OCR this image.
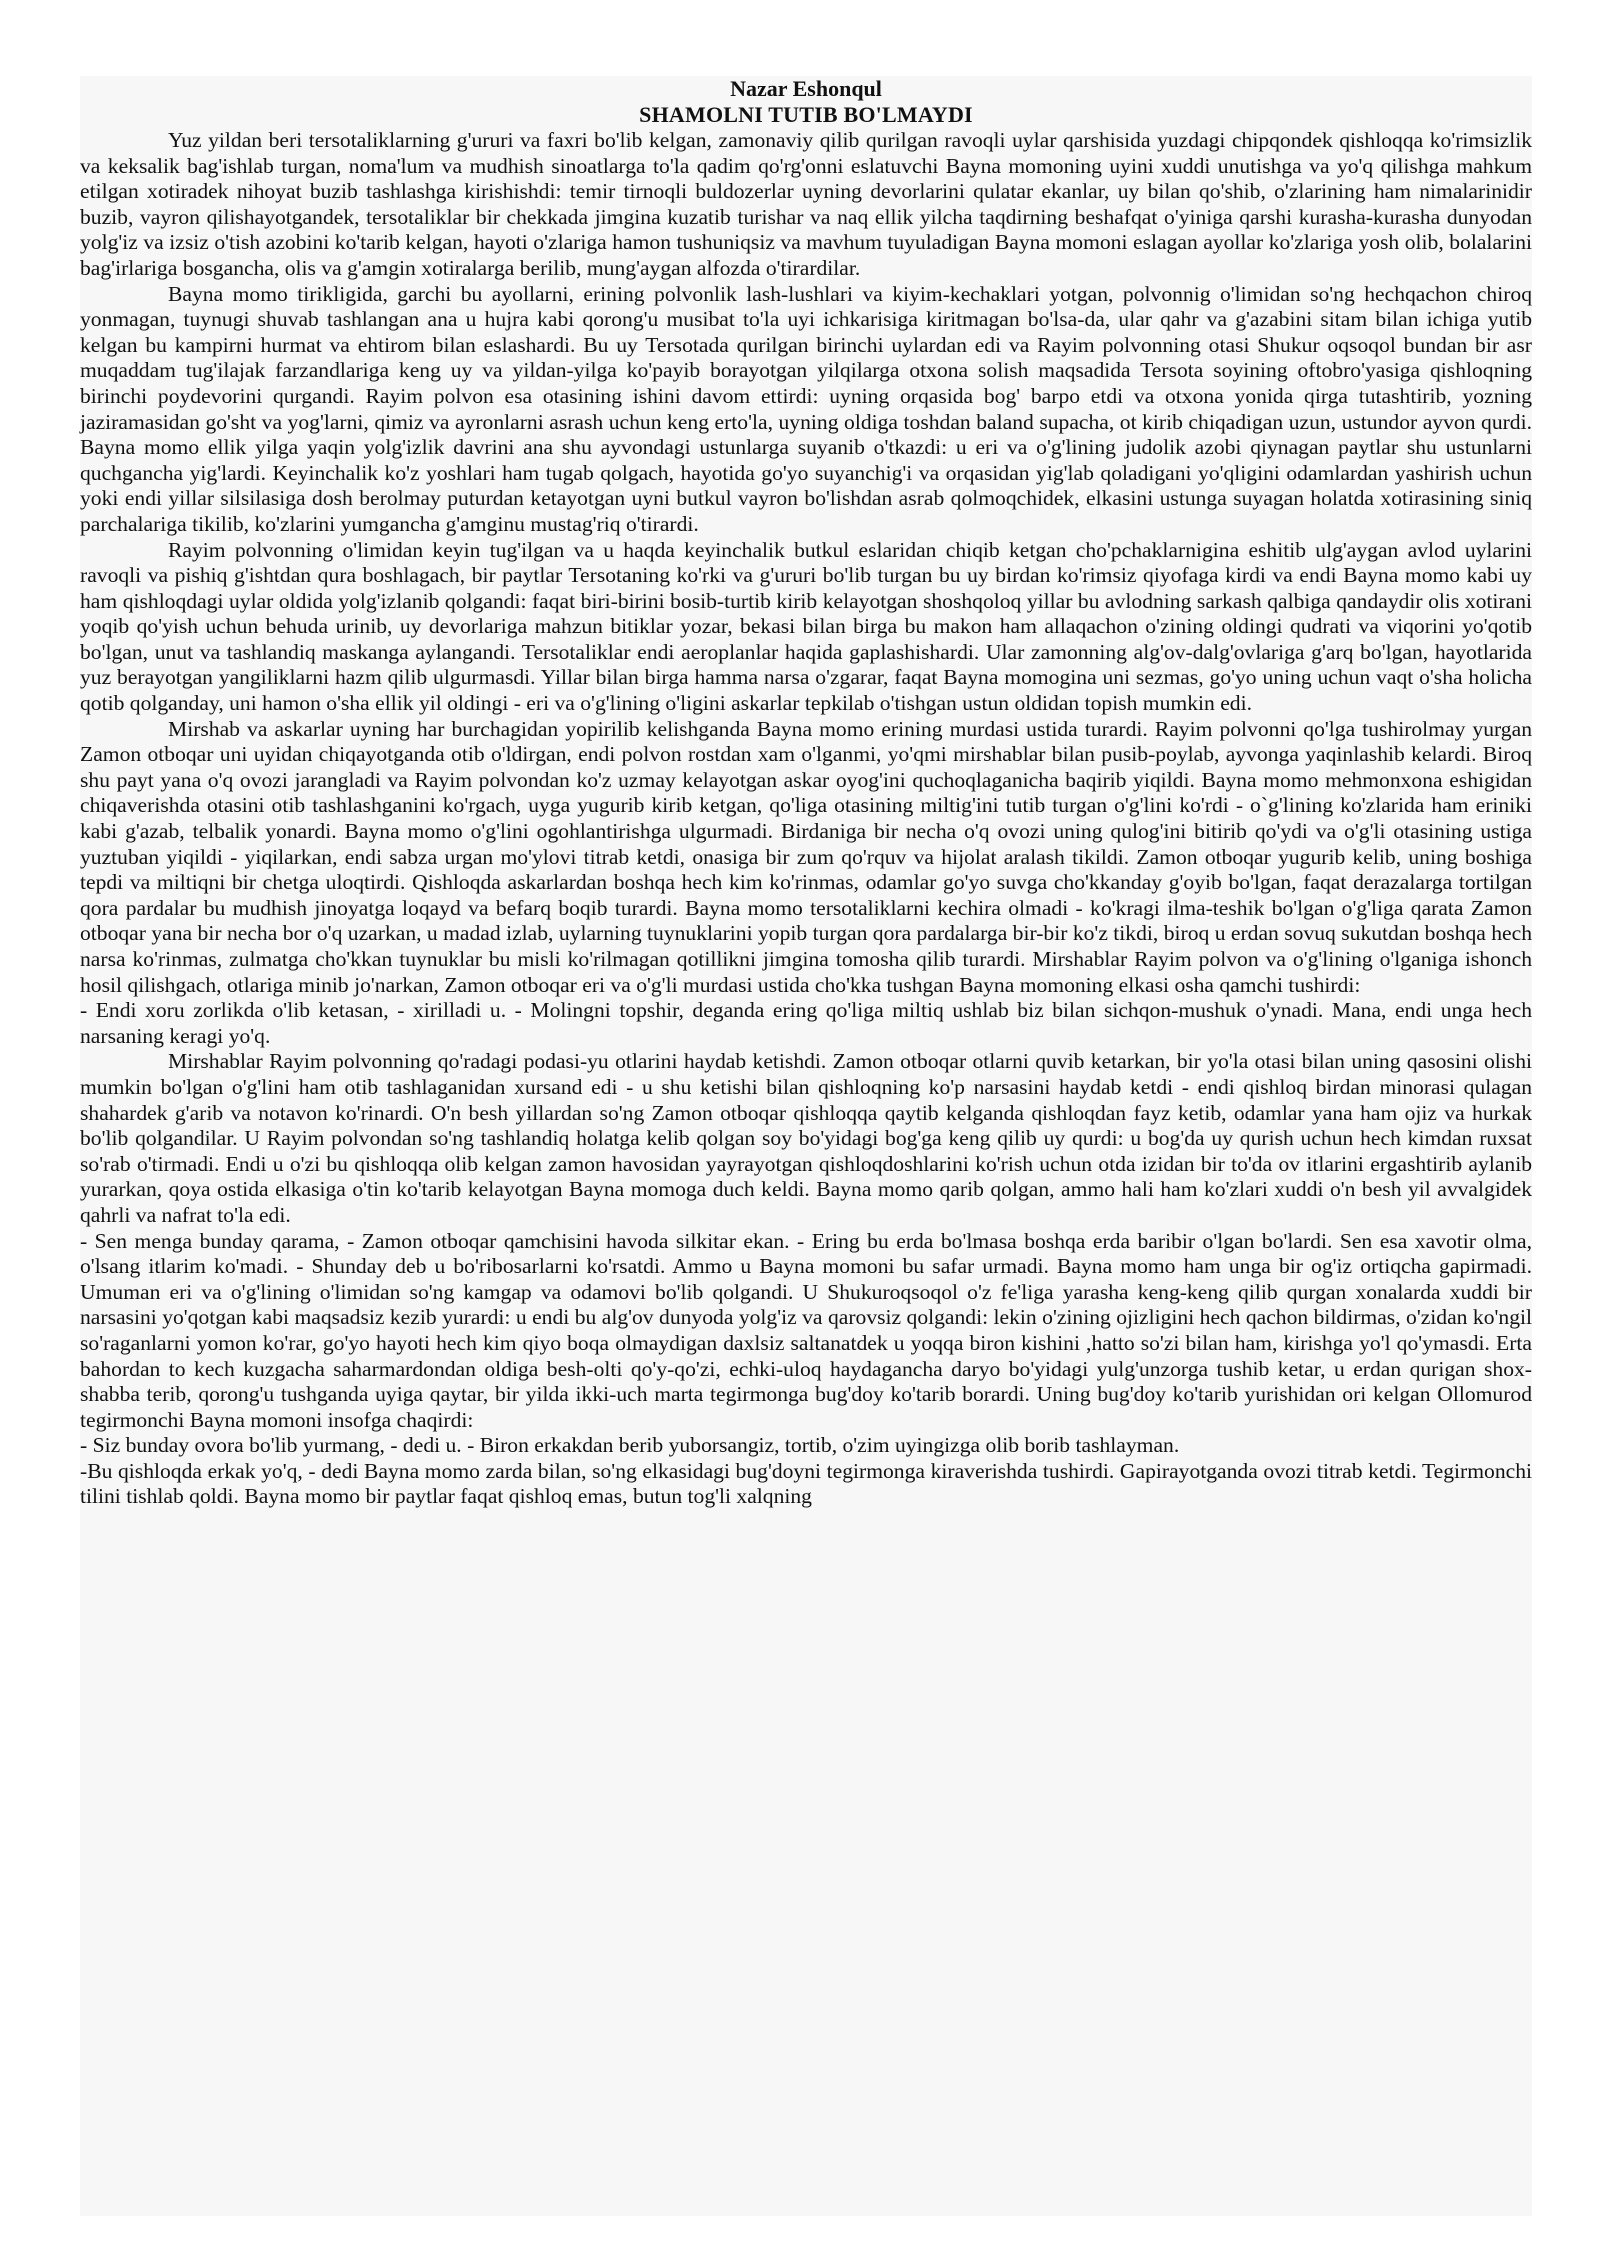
Nazar Eshonqul

SHAMOLNI TUTIB BO'LMAYDI

Yuz yildan beri tersotaliklarning g'ururi va faxri bo'lib kelgan, zamonaviy qilib qurilgan ravoqli uylar qarshisida yuzdagi chipqondek qishloqqa ko'rimsizlik va keksalik bag'ishlab turgan, noma'lum va mudhish sinoatlarga to'la qadim qo'rg'onni eslatuvchi Bayna momoning uyini xuddi unutishga va yo'q qilishga mahkum etilgan xotiradek nihoyat buzib tashlashga kirishishdi: temir tirnoqli buldozerlar uyning devorlarini qulatar ekanlar, uy bilan qo'shib, o'zlarining ham nimalarinidir buzib, vayron qilishayotgandek, tersotaliklar bir chekkada jimgina kuzatib turishar va naq ellik yilcha taqdirning beshafqat o'yiniga qarshi kurasha-kurasha dunyodan yolg'iz va izsiz o'tish azobini ko'tarib kelgan, hayoti o'zlariga hamon tushuniqsiz va mavhum tuyuladigan Bayna momoni eslagan ayollar ko'zlariga yosh olib, bolalarini bag'irlariga bosgancha, olis va g'amgin xotiralarga berilib, mung'aygan alfozda o'tirardilar.

Bayna momo tirikligida, garchi bu ayollarni, erining polvonlik lash-lushlari va kiyim-kechaklari yotgan, polvonnig o'limidan so'ng hechqachon chiroq yonmagan, tuynugi shuvab tashlangan ana u hujra kabi qorong'u musibat to'la uyi ichkarisiga kiritmagan bo'lsa-da, ular qahr va g'azabini sitam bilan ichiga yutib kelgan bu kampirni hurmat va ehtirom bilan eslashardi. Bu uy Tersotada qurilgan birinchi uylardan edi va Rayim polvonning otasi Shukur oqsoqol bundan bir asr muqaddam tug'ilajak farzandlariga keng uy va yildan-yilga ko'payib borayotgan yilqilarga otxona solish maqsadida Tersota soyining oftobro'yasiga qishloqning birinchi poydevorini qurgandi. Rayim polvon esa otasining ishini davom ettirdi: uyning orqasida bog' barpo etdi va otxona yonida qirga tutashtirib, yozning jaziramasidan go'sht va yog'larni, qimiz va ayronlarni asrash uchun keng erto'la, uyning oldiga toshdan baland supacha, ot kirib chiqadigan uzun, ustundor ayvon qurdi. Bayna momo ellik yilga yaqin yolg'izlik davrini ana shu ayvondagi ustunlarga suyanib o'tkazdi: u eri va o'g'lining judolik azobi qiynagan paytlar shu ustunlarni quchgancha yig'lardi. Keyinchalik ko'z yoshlari ham tugab qolgach, hayotida go'yo suyanchig'i va orqasidan yig'lab qoladigani yo'qligini odamlardan yashirish uchun yoki endi yillar silsilasiga dosh berolmay puturdan ketayotgan uyni butkul vayron bo'lishdan asrab qolmoqchidek, elkasini ustunga suyagan holatda xotirasining siniq parchalariga tikilib, ko'zlarini yumgancha g'amginu mustag'riq o'tirardi.

Rayim polvonning o'limidan keyin tug'ilgan va u haqda keyinchalik butkul eslaridan chiqib ketgan cho'pchaklarnigina eshitib ulg'aygan avlod uylarini ravoqli va pishiq g'ishtdan qura boshlagach, bir paytlar Tersotaning ko'rki va g'ururi bo'lib turgan bu uy birdan ko'rimsiz qiyofaga kirdi va endi Bayna momo kabi uy ham qishloqdagi uylar oldida yolg'izlanib qolgandi: faqat biri-birini bosib-turtib kirib kelayotgan shoshqoloq yillar bu avlodning sarkash qalbiga qandaydir olis xotirani yoqib qo'yish uchun behuda urinib, uy devorlariga mahzun bitiklar yozar, bekasi bilan birga bu makon ham allaqachon o'zining oldingi qudrati va viqorini yo'qotib bo'lgan, unut va tashlandiq maskanga aylangandi. Tersotaliklar endi aeroplanlar haqida gaplashishardi. Ular zamonning alg'ov-dalg'ovlariga g'arq bo'lgan, hayotlarida yuz berayotgan yangiliklarni hazm qilib ulgurmasdi. Yillar bilan birga hamma narsa o'zgarar, faqat Bayna momogina uni sezmas, go'yo uning uchun vaqt o'sha holicha qotib qolganday, uni hamon o'sha ellik yil oldingi - eri va o'g'lining o'ligini askarlar tepkilab o'tishgan ustun oldidan topish mumkin edi.

Mirshab va askarlar uyning har burchagidan yopirilib kelishganda Bayna momo erining murdasi ustida turardi. Rayim polvonni qo'lga tushirolmay yurgan Zamon otboqar uni uyidan chiqayotganda otib o'ldirgan, endi polvon rostdan xam o'lganmi, yo'qmi mirshablar bilan pusib-poylab, ayvonga yaqinlashib kelardi. Biroq shu payt yana o'q ovozi jarangladi va Rayim polvondan ko'z uzmay kelayotgan askar oyog'ini quchoqlaganicha baqirib yiqildi. Bayna momo mehmonxona eshigidan chiqaverishda otasini otib tashlashganini ko'rgach, uyga yugurib kirib ketgan, qo'liga otasining miltig'ini tutib turgan o'g'lini ko'rdi - o`g'lining ko'zlarida ham eriniki kabi g'azab, telbalik yonardi. Bayna momo o'g'lini ogohlantirishga ulgurmadi. Birdaniga bir necha o'q ovozi uning qulog'ini bitirib qo'ydi va o'g'li otasining ustiga yuztuban yiqildi - yiqilarkan, endi sabza urgan mo'ylovi titrab ketdi, onasiga bir zum qo'rquv va hijolat aralash tikildi. Zamon otboqar yugurib kelib, uning boshiga tepdi va miltiqni bir chetga uloqtirdi. Qishloqda askarlardan boshqa hech kim ko'rinmas, odamlar go'yo suvga cho'kkanday g'oyib bo'lgan, faqat derazalarga tortilgan qora pardalar bu mudhish jinoyatga loqayd va befarq boqib turardi. Bayna momo tersotaliklarni kechira olmadi - ko'kragi ilma-teshik bo'lgan o'g'liga qarata Zamon otboqar yana bir necha bor o'q uzarkan, u madad izlab, uylarning tuynuklarini yopib turgan qora pardalarga bir-bir ko'z tikdi, biroq u erdan sovuq sukutdan boshqa hech narsa ko'rinmas, zulmatga cho'kkan tuynuklar bu misli ko'rilmagan qotillikni jimgina tomosha qilib turardi. Mirshablar Rayim polvon va o'g'lining o'lganiga ishonch hosil qilishgach, otlariga minib jo'narkan, Zamon otboqar eri va o'g'li murdasi ustida cho'kka tushgan Bayna momoning elkasi osha qamchi tushirdi:

- Endi xoru zorlikda o'lib ketasan, - xirilladi u. - Molingni topshir, deganda ering qo'liga miltiq ushlab biz bilan sichqon-mushuk o'ynadi. Mana, endi unga hech narsaning keragi yo'q.

Mirshablar Rayim polvonning qo'radagi podasi-yu otlarini haydab ketishdi. Zamon otboqar otlarni quvib ketarkan, bir yo'la otasi bilan uning qasosini olishi mumkin bo'lgan o'g'lini ham otib tashlaganidan xursand edi - u shu ketishi bilan qishloqning ko'p narsasini haydab ketdi - endi qishloq birdan minorasi qulagan shahardek g'arib va notavon ko'rinardi. O'n besh yillardan so'ng Zamon otboqar qishloqqa qaytib kelganda qishloqdan fayz ketib, odamlar yana ham ojiz va hurkak bo'lib qolgandilar. U Rayim polvondan so'ng tashlandiq holatga kelib qolgan soy bo'yidagi bog'ga keng qilib uy qurdi: u bog'da uy qurish uchun hech kimdan ruxsat so'rab o'tirmadi. Endi u o'zi bu qishloqqa olib kelgan zamon havosidan yayrayotgan qishloqdoshlarini ko'rish uchun otda izidan bir to'da ov itlarini ergashtirib aylanib yurarkan, qoya ostida elkasiga o'tin ko'tarib kelayotgan Bayna momoga duch keldi. Bayna momo qarib qolgan, ammo hali ham ko'zlari xuddi o'n besh yil avvalgidek qahrli va nafrat to'la edi.

- Sen menga bunday qarama, - Zamon otboqar qamchisini havoda silkitar ekan. - Ering bu erda bo'lmasa boshqa erda baribir o'lgan bo'lardi. Sen esa xavotir olma, o'lsang itlarim ko'madi. - Shunday deb u bo'ribosarlarni ko'rsatdi. Ammo u Bayna momoni bu safar urmadi. Bayna momo ham unga bir og'iz ortiqcha gapirmadi. Umuman eri va o'g'lining o'limidan so'ng kamgap va odamovi bo'lib qolgandi. U Shukuroqsoqol o'z fe'liga yarasha keng-keng qilib qurgan xonalarda xuddi bir narsasini yo'qotgan kabi maqsadsiz kezib yurardi: u endi bu alg'ov dunyoda yolg'iz va qarovsiz qolgandi: lekin o'zining ojizligini hech qachon bildirmas, o'zidan ko'ngil so'raganlarni yomon ko'rar, go'yo hayoti hech kim qiyo boqa olmaydigan daxlsiz saltanatdek u yoqqa biron kishini ,hatto so'zi bilan ham, kirishga yo'l qo'ymasdi. Erta bahordan to kech kuzgacha saharmardondan oldiga besh-olti qo'y-qo'zi, echki-uloq haydagancha daryo bo'yidagi yulg'unzorga tushib ketar, u erdan qurigan shox-shabba terib, qorong'u tushganda uyiga qaytar, bir yilda ikki-uch marta tegirmonga bug'doy ko'tarib borardi. Uning bug'doy ko'tarib yurishidan ori kelgan Ollomurod tegirmonchi Bayna momoni insofga chaqirdi:

- Siz bunday ovora bo'lib yurmang, - dedi u. - Biron erkakdan berib yuborsangiz, tortib, o'zim uyingizga olib borib tashlayman.

-Bu qishloqda erkak yo'q, - dedi Bayna momo zarda bilan, so'ng elkasidagi bug'doyni tegirmonga kiraverishda tushirdi. Gapirayotganda ovozi titrab ketdi. Tegirmonchi tilini tishlab qoldi. Bayna momo bir paytlar faqat qishloq emas, butun tog'li xalqning
